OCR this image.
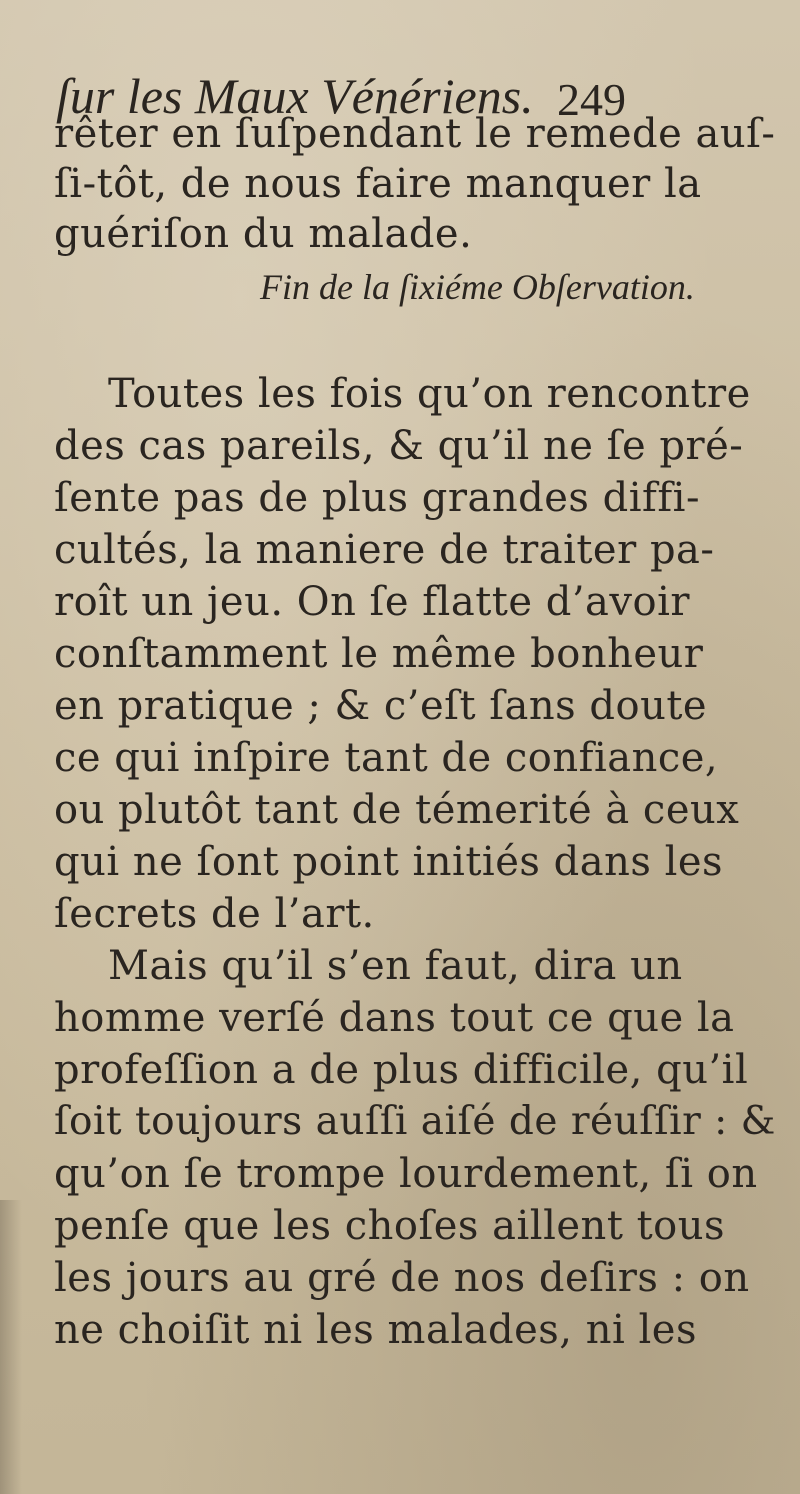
ſur les Maux Vénériens. 249
rêter en ſuſpendant le remede auſ-
ſi-tôt, de nous faire manquer la
guériſon du malade.
Fin de la ſixiéme Obſervation.
Toutes les fois qu’on rencontre
des cas pareils, & qu’il ne ſe pré-
ſente pas de plus grandes diffi-
cultés, la maniere de traiter pa-
roît un jeu. On ſe flatte d’avoir
conſtamment le même bonheur
en pratique ; & c’eſt ſans doute
ce qui inſpire tant de confiance,
ou plutôt tant de témerité à ceux
qui ne ſont point initiés dans les
ſecrets de l’art.
Mais qu’il s’en faut, dira un
homme verſé dans tout ce que la
profeſſion a de plus difficile, qu’il
ſoit toujours auſſi aiſé de réuſſir : &
qu’on ſe trompe lourdement, ſi on
penſe que les choſes aillent tous
les jours au gré de nos deſirs : on
ne choiſit ni les malades, ni les
